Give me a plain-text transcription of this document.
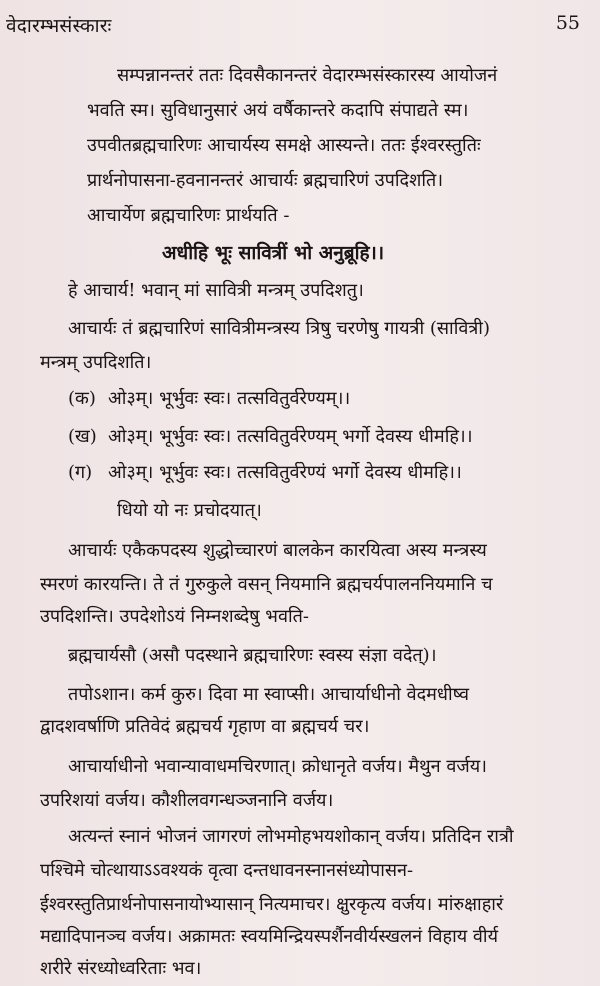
वेदारम्भसंस्कारः	55
सम्पन्नानन्तरं ततः दिवसैकानन्तरं वेदारम्भसंस्कारस्य आयोजनं
भवति स्म। सुविधानुसारं अयं वर्षैकान्तरे कदापि संपाद्यते स्म।
उपवीतब्रह्मचारिणः आचार्यस्य समक्षे आस्यन्ते। ततः ईश्वरस्तुतिः
प्रार्थनोपासना-हवनानन्तरं आचार्यः ब्रह्मचारिणं उपदिशति।
आचार्येण ब्रह्मचारिणः प्रार्थयति -
अधीहि भूः सावित्रीं भो अनुब्रूहि।।
हे आचार्य! भवान् मां सावित्री मन्त्रम् उपदिशतु।
आचार्यः तं ब्रह्मचारिणं सावित्रीमन्त्रस्य त्रिषु चरणेषु गायत्री (सावित्री)
मन्त्रम् उपदिशति।
(क) ओ३म्। भूर्भुवः स्वः। तत्सवितुर्वरेण्यम्।।
(ख) ओ३म्। भूर्भुवः स्वः। तत्सवितुर्वरेण्यम् भर्गो देवस्य धीमहि।।
(ग) ओ३म्। भूर्भुवः स्वः। तत्सवितुर्वरेण्यं भर्गो देवस्य धीमहि।।
धियो यो नः प्रचोदयात्।
आचार्यः एकैकपदस्य शुद्धोच्चारणं बालकेन कारयित्वा अस्य मन्त्रस्य
स्मरणं कारयन्ति। ते तं गुरुकुले वसन् नियमानि ब्रह्मचर्यपालननियमानि च
उपदिशन्ति। उपदेशोऽयं निम्नशब्देषु भवति-
ब्रह्मचार्यसौ (असौ पदस्थाने ब्रह्मचारिणः स्वस्य संज्ञा वदेत्)।
तपोऽशान। कर्म कुरु। दिवा मा स्वाप्सी। आचार्याधीनो वेदमधीष्व
द्वादशवर्षाणि प्रतिवेदं ब्रह्मचर्य गृहाण वा ब्रह्मचर्य चर।
आचार्याधीनो भवान्यावाधमचिरणात्। क्रोधानृते वर्जय। मैथुन वर्जय।
उपरिशयां वर्जय। कौशीलवगन्धञ्जनानि वर्जय।
अत्यन्तं स्नानं भोजनं जागरणं लोभमोहभयशोकान् वर्जय। प्रतिदिन रात्रौ
पश्चिमे चोत्थायाऽऽवश्यकं वृत्वा दन्तधावनस्नानसंध्योपासन-
ईश्वरस्तुतिप्रार्थनोपासनायोभ्यासान् नित्यमाचर। क्षुरकृत्य वर्जय। मांरुक्षाहारं
मद्यादिपानञ्च वर्जय। अक्रामतः स्वयमिन्द्रियस्पर्शैनवीर्यस्खलनं विहाय वीर्य
शरीरे संरध्योध्वरिताः भव।
